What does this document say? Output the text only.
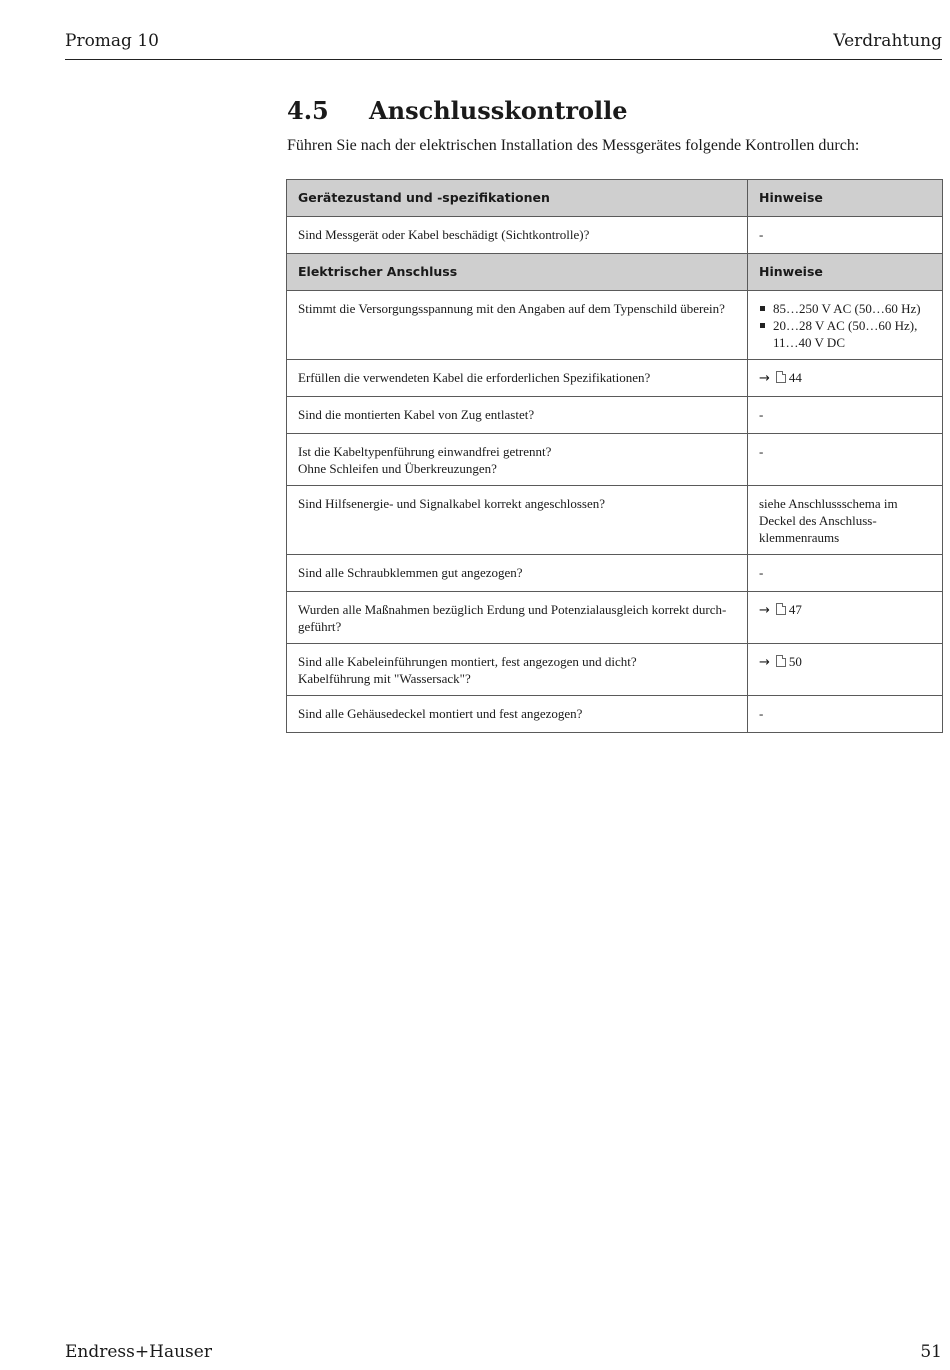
Promag 10	Verdrahtung
4.5 Anschlusskontrolle

Führen Sie nach der elektrischen Installation des Messgerätes folgende Kontrollen durch:

Gerätezustand und -spezifikationen	Hinweise

Sind Messgerät oder Kabel beschädigt (Sichtkontrolle)?	-

Elektrischer Anschluss	Hinweise

Stimmt die Versorgungsspannung mit den Angaben auf dem Typenschild überein?	85…250 V AC (50…60 Hz)
20…28 V AC (50…60 Hz), 11…40 V DC

Erfüllen die verwendeten Kabel die erforderlichen Spezifikationen?	→ 44

Sind die montierten Kabel von Zug entlastet?	-

Ist die Kabeltypenführung einwandfrei getrennt?
Ohne Schleifen und Überkreuzungen?	-

Sind Hilfsenergie- und Signalkabel korrekt angeschlossen?	siehe Anschlussschema im
Deckel des Anschluss-
klemmenraums

Sind alle Schraubklemmen gut angezogen?	-

Wurden alle Maßnahmen bezüglich Erdung und Potenzialausgleich korrekt durch-
geführt?	→ 47

Sind alle Kabeleinführungen montiert, fest angezogen und dicht?
Kabelführung mit "Wassersack"?	→ 50

Sind alle Gehäusedeckel montiert und fest angezogen?	-
Endress+Hauser	51
